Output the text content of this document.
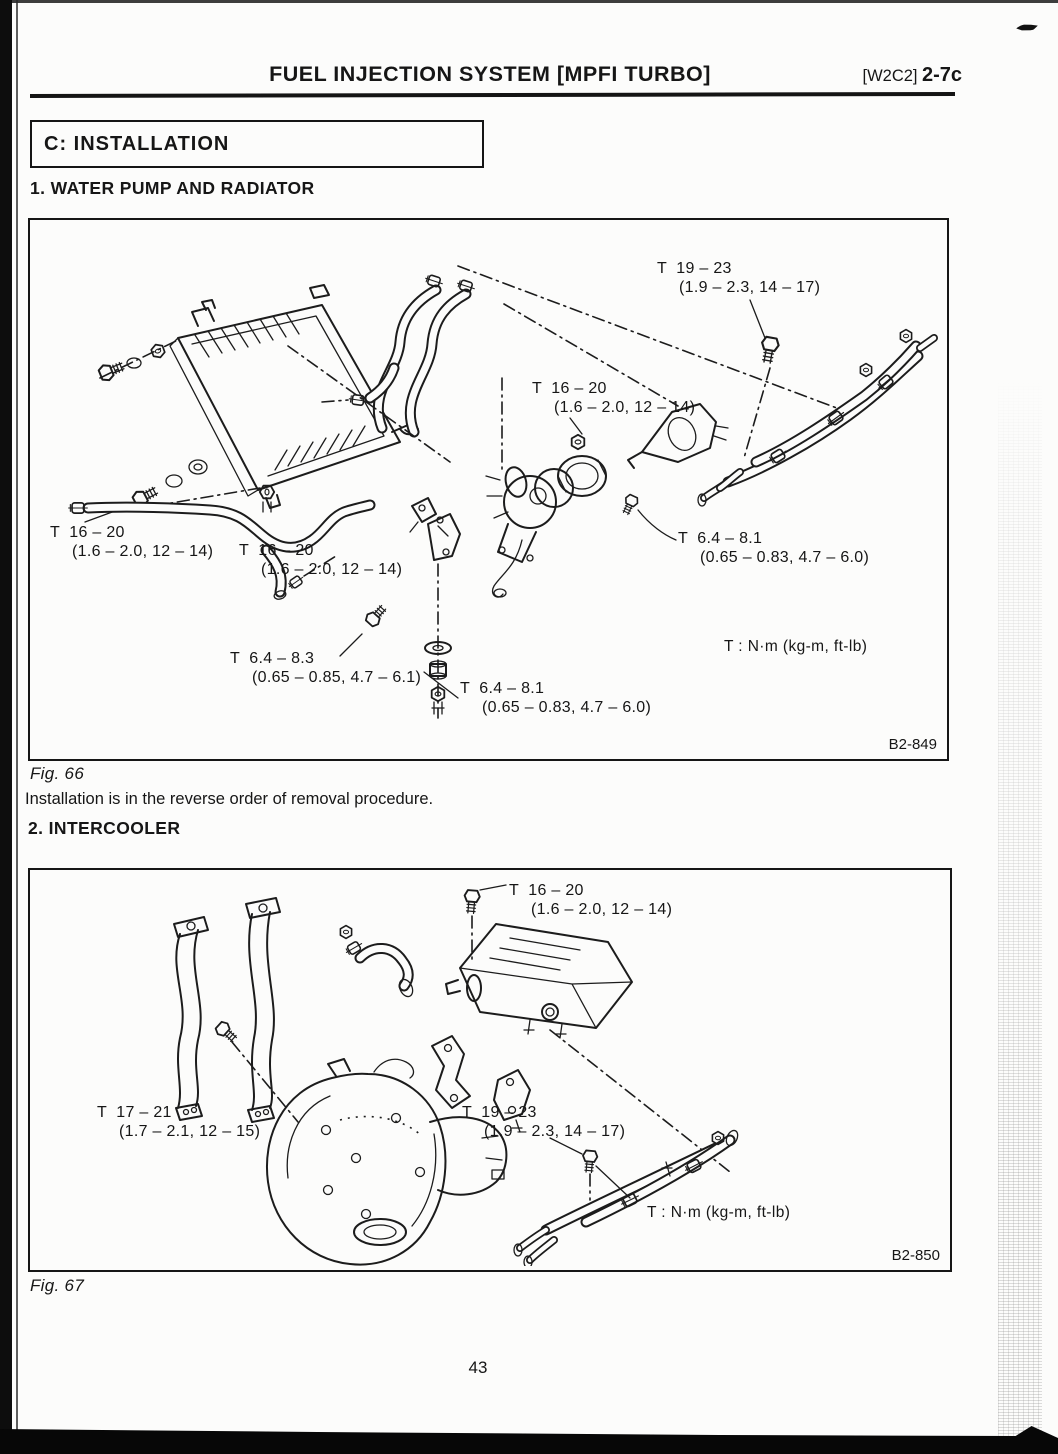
FUEL INJECTION SYSTEM [MPFI TURBO]	[W2C2] 2-7c
C: INSTALLATION
1. WATER PUMP AND RADIATOR
T  19 – 23
(1.9 – 2.3, 14 – 17)
T  16 – 20
(1.6 – 2.0, 12 – 14)
T  16 – 20
(1.6 – 2.0, 12 – 14) T  16 – 20
(1.6 – 2.0, 12 – 14)
T  6.4 – 8.1
(0.65 – 0.83, 4.7 – 6.0)
T  6.4 – 8.3
(0.65 – 0.85, 4.7 – 6.1)
T  6.4 – 8.1
(0.65 – 0.83, 4.7 – 6.0)
T : N·m (kg-m, ft-lb)
B2-849
Fig. 66
Installation is in the reverse order of removal procedure.
2. INTERCOOLER
T  16 – 20
(1.6 – 2.0, 12 – 14)
T  17 – 21
(1.7 – 2.1, 12 – 15)
T  19 – 23
(1.9 – 2.3, 14 – 17)
T : N·m (kg-m, ft-lb)
B2-850
Fig. 67
43
